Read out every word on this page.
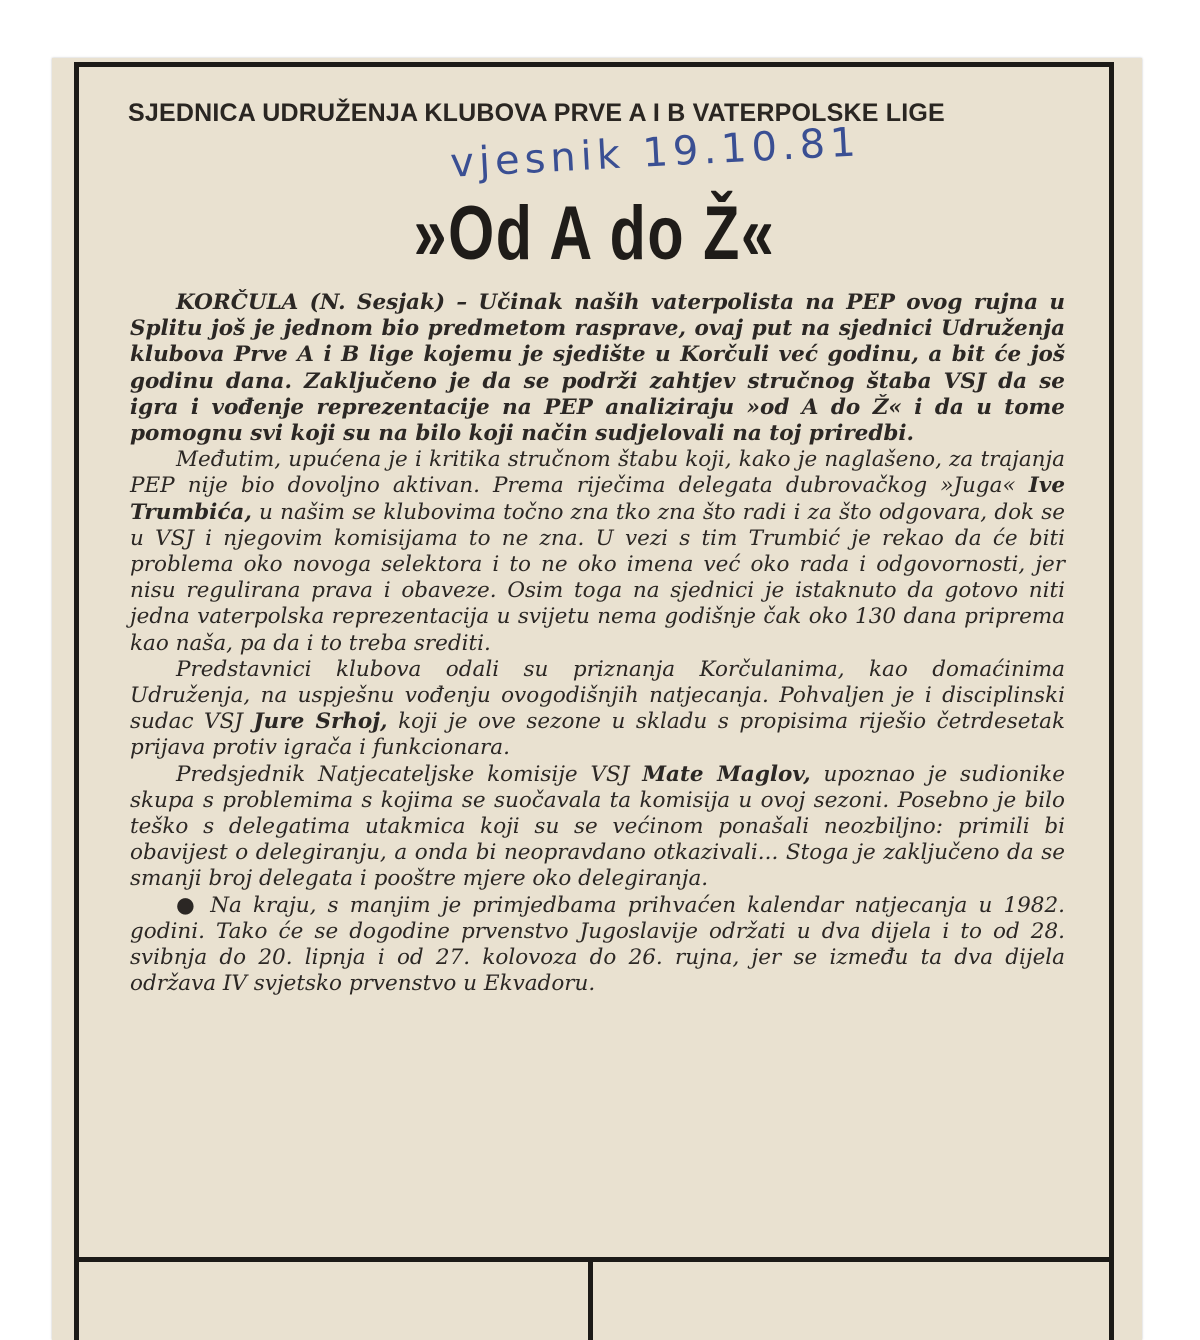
SJEDNICA UDRUŽENJA KLUBOVA PRVE A I B VATERPOLSKE LIGE
vjesnik 19.10.81
»Od A do Ž«

KORČULA (N. Sesjak) – Učinak naših vaterpolista na PEP ovog rujna u Splitu još je jednom bio predmetom rasprave, ovaj put na sjednici Udruženja klubova Prve A i B lige kojemu je sjedište u Korčuli već godinu, a bit će još godinu dana. Zaključeno je da se podrži zahtjev stručnog štaba VSJ da se igra i vođenje reprezentacije na PEP analiziraju »od A do Ž« i da u tome pomognu svi koji su na bilo koji način sudjelovali na toj priredbi.

Međutim, upućena je i kritika stručnom štabu koji, kako je naglašeno, za trajanja PEP nije bio dovoljno aktivan. Prema riječima delegata dubrovačkog »Juga« Ive Trumbića, u našim se klubovima točno zna tko zna što radi i za što odgovara, dok se u VSJ i njegovim komisijama to ne zna. U vezi s tim Trumbić je rekao da će biti problema oko novoga selektora i to ne oko imena već oko rada i odgovornosti, jer nisu regulirana prava i obaveze. Osim toga na sjednici je istaknuto da gotovo niti jedna vaterpolska reprezentacija u svijetu nema godišnje čak oko 130 dana priprema kao naša, pa da i to treba srediti.

Predstavnici klubova odali su priznanja Korčulanima, kao domaćinima Udruženja, na uspješnu vođenju ovogodišnjih natjecanja. Pohvaljen je i disciplinski sudac VSJ Jure Srhoj, koji je ove sezone u skladu s propisima riješio četrdesetak prijava protiv igrača i funkcionara.

Predsjednik Natjecateljske komisije VSJ Mate Maglov, upoznao je sudionike skupa s problemima s kojima se suočavala ta komisija u ovoj sezoni. Posebno je bilo teško s delegatima utakmica koji su se većinom ponašali neozbiljno: primili bi obavijest o delegiranju, a onda bi neopravdano otkazivali... Stoga je zaključeno da se smanji broj delegata i pooštre mjere oko delegiranja.

● Na kraju, s manjim je primjedbama prihvaćen kalendar natjecanja u 1982. godini. Tako će se dogodine prvenstvo Jugoslavije održati u dva dijela i to od 28. svibnja do 20. lipnja i od 27. kolovoza do 26. rujna, jer se između ta dva dijela održava IV svjetsko prvenstvo u Ekvadoru.
